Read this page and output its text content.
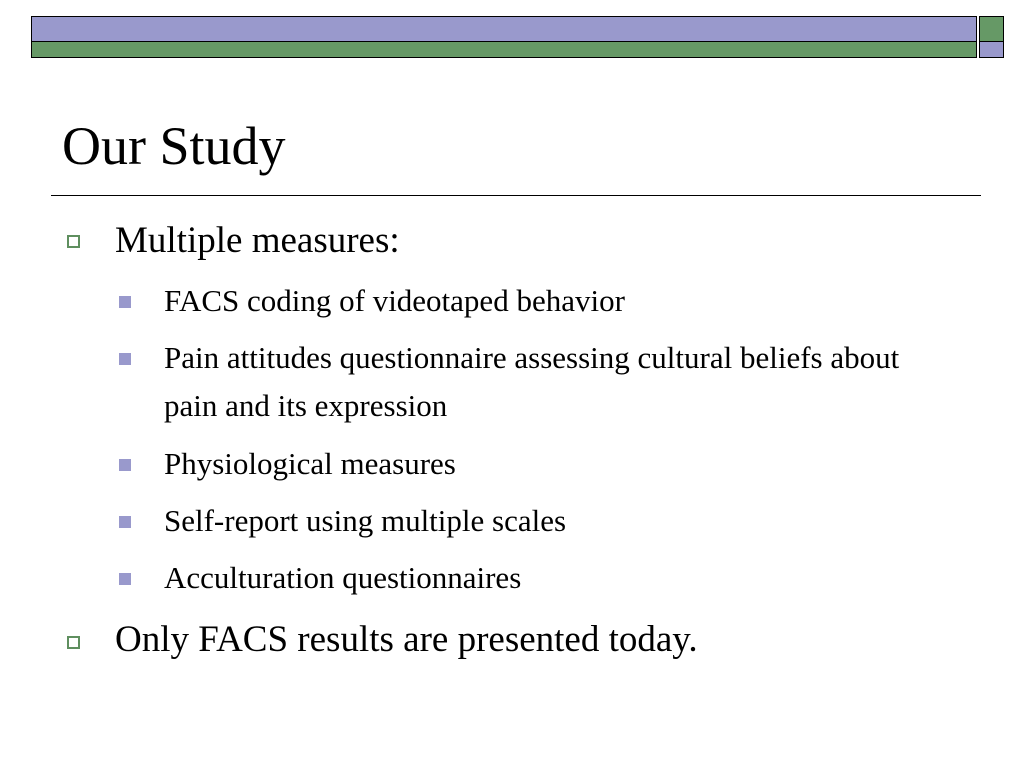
Our Study
Multiple measures:
FACS coding of videotaped behavior
Pain attitudes questionnaire assessing cultural beliefs about pain and its expression
Physiological measures
Self-report using multiple scales
Acculturation questionnaires
Only FACS results are presented today.
